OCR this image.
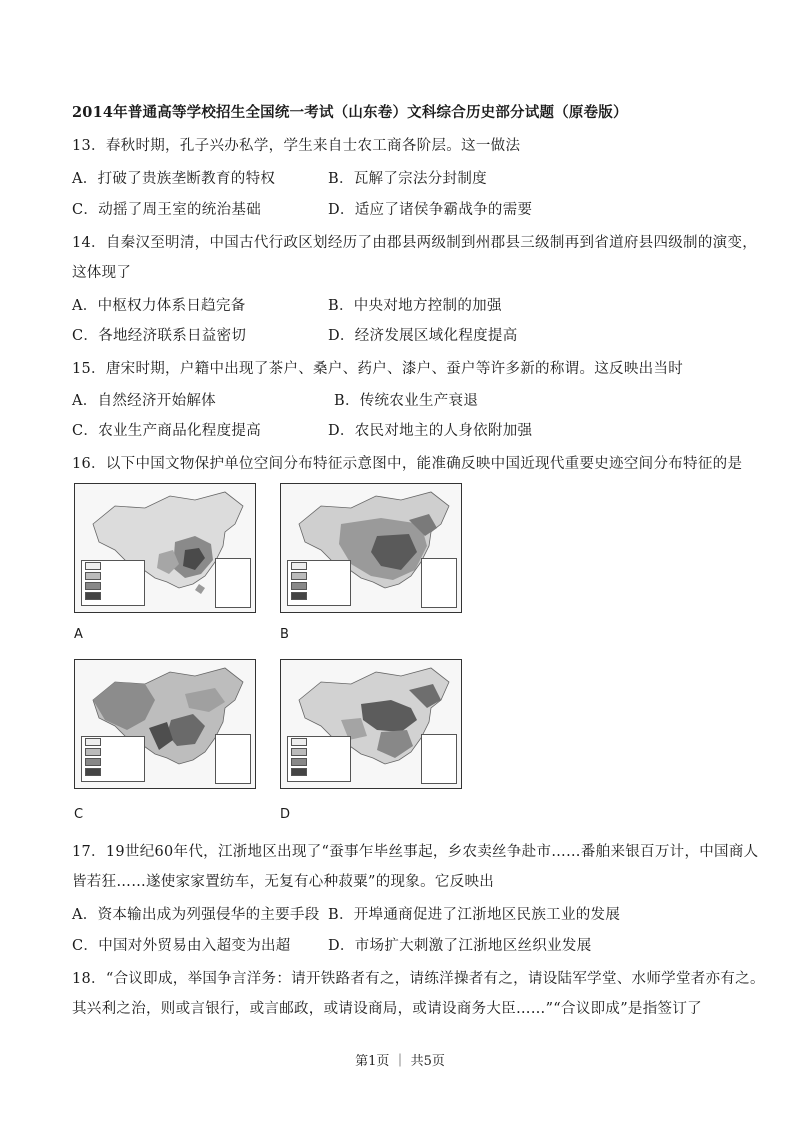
2014年普通高等学校招生全国统一考试（山东卷）文科综合历史部分试题（原卷版）
13．春秋时期，孔子兴办私学，学生来自士农工商各阶层。这一做法
A．打破了贵族垄断教育的特权	B．瓦解了宗法分封制度
C．动摇了周王室的统治基础	D．适应了诸侯争霸战争的需要
14．自秦汉至明清，中国古代行政区划经历了由郡县两级制到州郡县三级制再到省道府县四级制的演变，
这体现了
A．中枢权力体系日趋完备	B．中央对地方控制的加强
C．各地经济联系日益密切	D．经济发展区域化程度提高
15．唐宋时期，户籍中出现了茶户、桑户、药户、漆户、蚕户等许多新的称谓。这反映出当时
A．自然经济开始解体	B．传统农业生产衰退
C．农业生产商品化程度提高	D．农民对地主的人身依附加强
16．以下中国文物保护单位空间分布特征示意图中，能准确反映中国近现代重要史迹空间分布特征的是
A	B
C	D
17．19世纪60年代，江浙地区出现了“蚕事乍毕丝事起，乡农卖丝争赴市……番舶来银百万计，中国商人
皆若狂……遂使家家置纺车，无复有心种菽粟”的现象。它反映出
A．资本输出成为列强侵华的主要手段 B．开埠通商促进了江浙地区民族工业的发展
C．中国对外贸易由入超变为出超	D．市场扩大刺激了江浙地区丝织业发展
18．“合议即成，举国争言洋务：请开铁路者有之，请练洋操者有之，请设陆军学堂、水师学堂者亦有之。
其兴利之治，则或言银行，或言邮政，或请设商局，或请设商务大臣……”“合议即成”是指签订了
第1页 ｜ 共5页
